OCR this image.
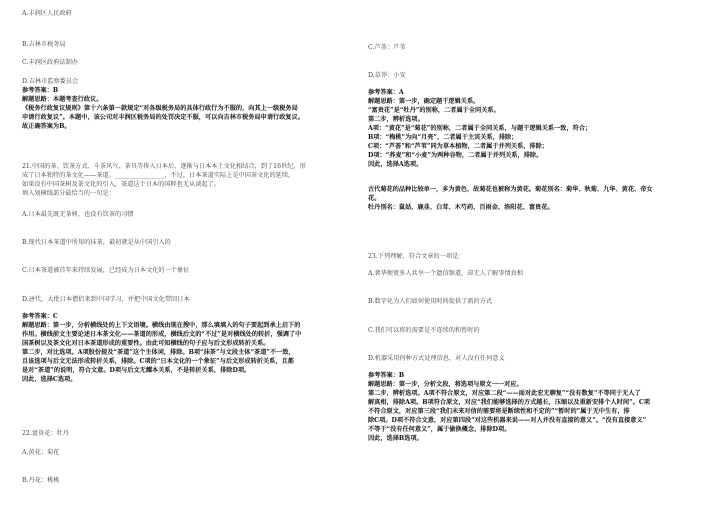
A.丰润区人民政府
B.吉林市税务局
C.丰润区政府法制办
D.吉林市监察委员会
参考答案：B
解题思路：本题考查行政议。
《税务行政复议规则》第十六条第一款规定“对各级税务局的具体行政行为不服的，向其上一级税务局
申请行政复议”。本题中，该公司对丰润区税务局的处罚决定不服，可以向吉林市税务局申请行政复议。
故正确答案为B。
21.中国的茶、饮茶方式、斗茶风气、茶具等传入日本后，逐渐与日本本土文化相结合，到了16世纪，形
成了日本独特的茶文化——茶道。________________，不过，日本茶道实际上是中国茶文化的延续，
如果没有中国茶树及茶文化的引入，茶道这个日本的国粹也无从谈起了。
填入划横线部分最恰当的一句是：
A.日本最先既无茶树，也没有饮茶的习惯
B.现代日本茶道中所用的抹茶，最初就是从中国引入的
C.日本茶道被首年来持续发展，已经成为日本文化的一个象征
D.唐代，大批日本僧侣来到中国学习，并把中国文化带回日本
参考答案：C
解题思路：第一步，分析横线处的上下文语境。横线由现在搜中，那么填填入的句子要起到承上启下的
作用。横线前文主要论述日本茶文化——茶道的形成，横线后文的“不过”是对横线处的转折，强调了中
国茶树以及茶文化对日本茶道形成的重要性。由此可知横线的句子应与后文形成转折关系。
第二步，对比选项。A项股份提及“茶道”这个主体词，排除。B项“抹茶”与文段主体“茶道”不一致，
且该选项与后文无法形成转折关系，排除。C项的“日本文化的一个象征”与后文形成转折关系，且都
是对“茶道”的说明，符合文意。D项与后文无耀本关系，不是转折关系，排除D项。
因此，选择C选项。
22.富贵花：牡丹
A.黄花：菊花
B.丹花：桃桃
C.芦荟：芦苇
D.草莽：小安
参考答案：A
解题思路：第一步，确定题干逻辑关系。
“富贵花”是“牡丹”的别称，二者属于全同关系。
第二步，辨析选项。
A项：“黄花”是“菊花”的别称，二者属于全同关系，与题干逻辑关系一致，符合；
B项：“梅桃”为向“月亮”，二者属于主宾关系，排除；
C项：“芦荟”和“芦苇”同为草本植物，二者属于并列关系，排除；
D项：“荞麦”和“小麦”为两种谷物，二者属于并列关系，排除。
因此，选择A选项。
古代菊花的品种比较单一，多为黄色，故菊花也被称为黄花。菊花别名：菊华、秋菊、九华、黄花、帝女
花。
牡丹别名：鼠姑、鹿韭、白茸、木芍药、百雨金、洛阳花、富贵花。
23.下列理解，符合文章的一项是：
A.奢华便更多人共享一个遗信频道，却无人了解事情真相
B.数字化为人们如何使用时间提供了新的方式
C.我们可以将的需要是不连续的和暂时的
D.机器采用何种方式处理信息，对人没有任何意义
参考答案：B
解题思路：第一步，分析文段，将选项与原文一一对应。
第二步，辨析选项。A项不符合原文，对应第二段“——面对此宏无聊复”“没有数复”不等同于无人了
解真相，排除A项。B项符合原文，对应“我们能够选择的方式越长，压缩以及重新安排个人时间”。C项
不符合原文，对应第三段“我们未来对信的需要将是断续性和不定的”“暂时的”属于无中生有，排
除C项。D项不符合文意，对应第四段“对这些机器来说——对人并没有直接的意义”。“没有直接意义”
不等于“没有任何意义”，属于偷换概念，排除D项。
因此，选择B选项。
